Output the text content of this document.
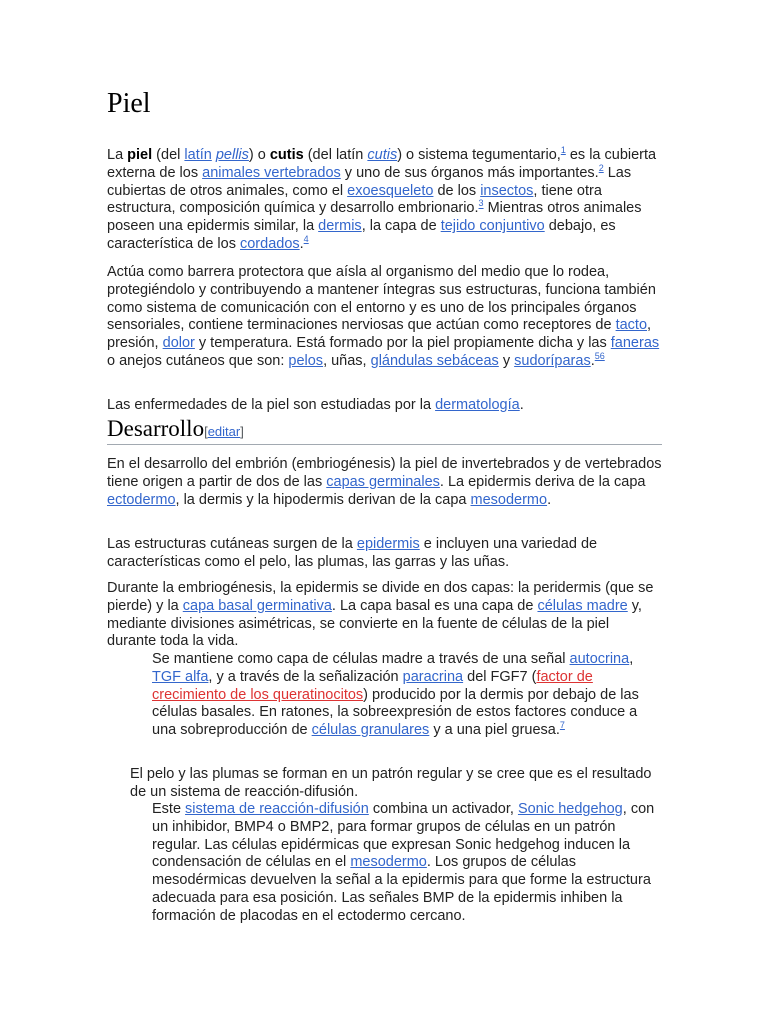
Piel

La piel (del latín pellis) o cutis (del latín cutis) o sistema tegumentario,$^1$ es la cubierta externa de los animales vertebrados y uno de sus órganos más importantes.$^2$ Las cubiertas de otros animales, como el exoesqueleto de los insectos, tiene otra estructura, composición química y desarrollo embrionario.$^3$ Mientras otros animales poseen una epidermis similar, la dermis, la capa de tejido conjuntivo debajo, es característica de los cordados.$^4$

Actúa como barrera protectora que aísla al organismo del medio que lo rodea, protegiéndolo y contribuyendo a mantener íntegras sus estructuras, funciona también como sistema de comunicación con el entorno y es uno de los principales órganos sensoriales, contiene terminaciones nerviosas que actúan como receptores de tacto, presión, dolor y temperatura. Está formado por la piel propiamente dicha y las faneras o anejos cutáneos que son: pelos, uñas, glándulas sebáceas y sudoríparas.$^{56}$

Las enfermedades de la piel son estudiadas por la dermatología.

Desarrollo[editar]

En el desarrollo del embrión (embriogénesis) la piel de invertebrados y de vertebrados tiene origen a partir de dos de las capas germinales. La epidermis deriva de la capa ectodermo, la dermis y la hipodermis derivan de la capa mesodermo.

Las estructuras cutáneas surgen de la epidermis e incluyen una variedad de características como el pelo, las plumas, las garras y las uñas.

Durante la embriogénesis, la epidermis se divide en dos capas: la peridermis (que se pierde) y la capa basal germinativa. La capa basal es una capa de células madre y, mediante divisiones asimétricas, se convierte en la fuente de células de la piel durante toda la vida.

Se mantiene como capa de células madre a través de una señal autocrina, TGF alfa, y a través de la señalización paracrina del FGF7 (factor de crecimiento de los queratinocitos) producido por la dermis por debajo de las células basales. En ratones, la sobreexpresión de estos factores conduce a una sobreproducción de células granulares y a una piel gruesa.$^7$

El pelo y las plumas se forman en un patrón regular y se cree que es el resultado de un sistema de reacción-difusión.

Este sistema de reacción-difusión combina un activador, Sonic hedgehog, con un inhibidor, BMP4 o BMP2, para formar grupos de células en un patrón regular. Las células epidérmicas que expresan Sonic hedgehog inducen la condensación de células en el mesodermo. Los grupos de células mesodérmicas devuelven la señal a la epidermis para que forme la estructura adecuada para esa posición. Las señales BMP de la epidermis inhiben la formación de placodas en el ectodermo cercano.
